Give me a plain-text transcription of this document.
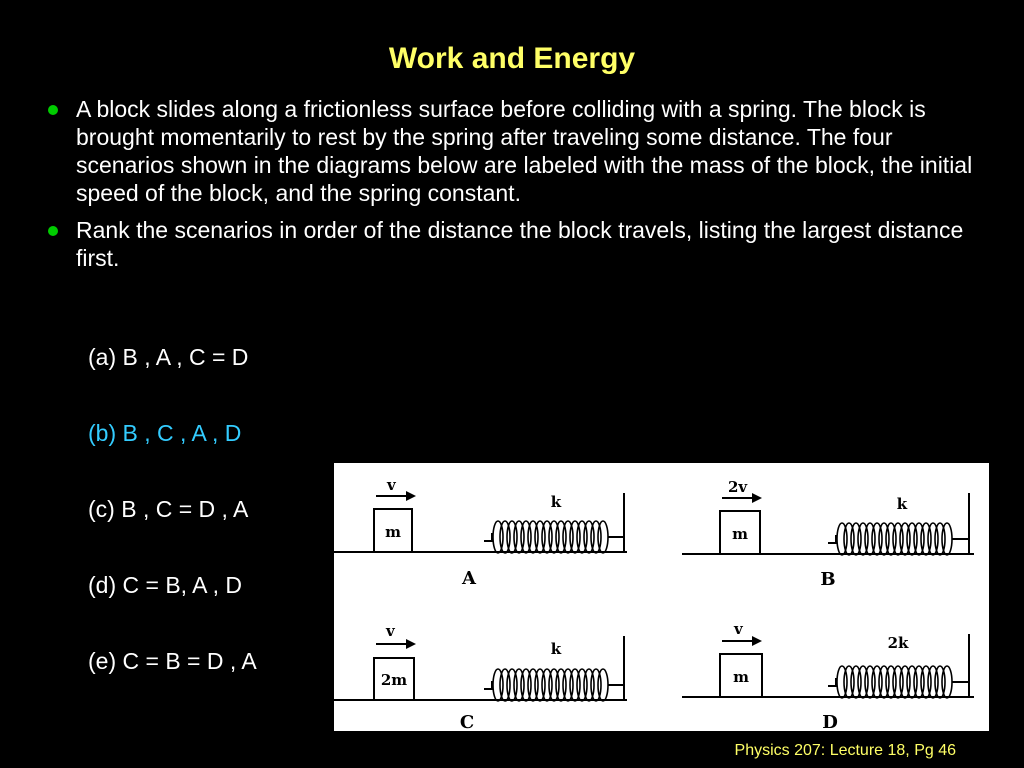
Work and Energy
A block slides along a frictionless surface before colliding with a spring. The block is brought momentarily to rest by the spring after traveling some distance. The four scenarios shown in the diagrams below are labeled with the mass of the block, the initial speed of the block, and the spring constant.
Rank the scenarios in order of the distance the block travels, listing the largest distance first.
(a) B , A , C = D
(b) B , C , A , D
(c) B , C = D , A
(d) C = B, A , D
(e) C = B = D , A
m
v
k
A
m
2v
k
B
2m
v
k
C
m
v
2k
D
Physics 207: Lecture 18, Pg 46
